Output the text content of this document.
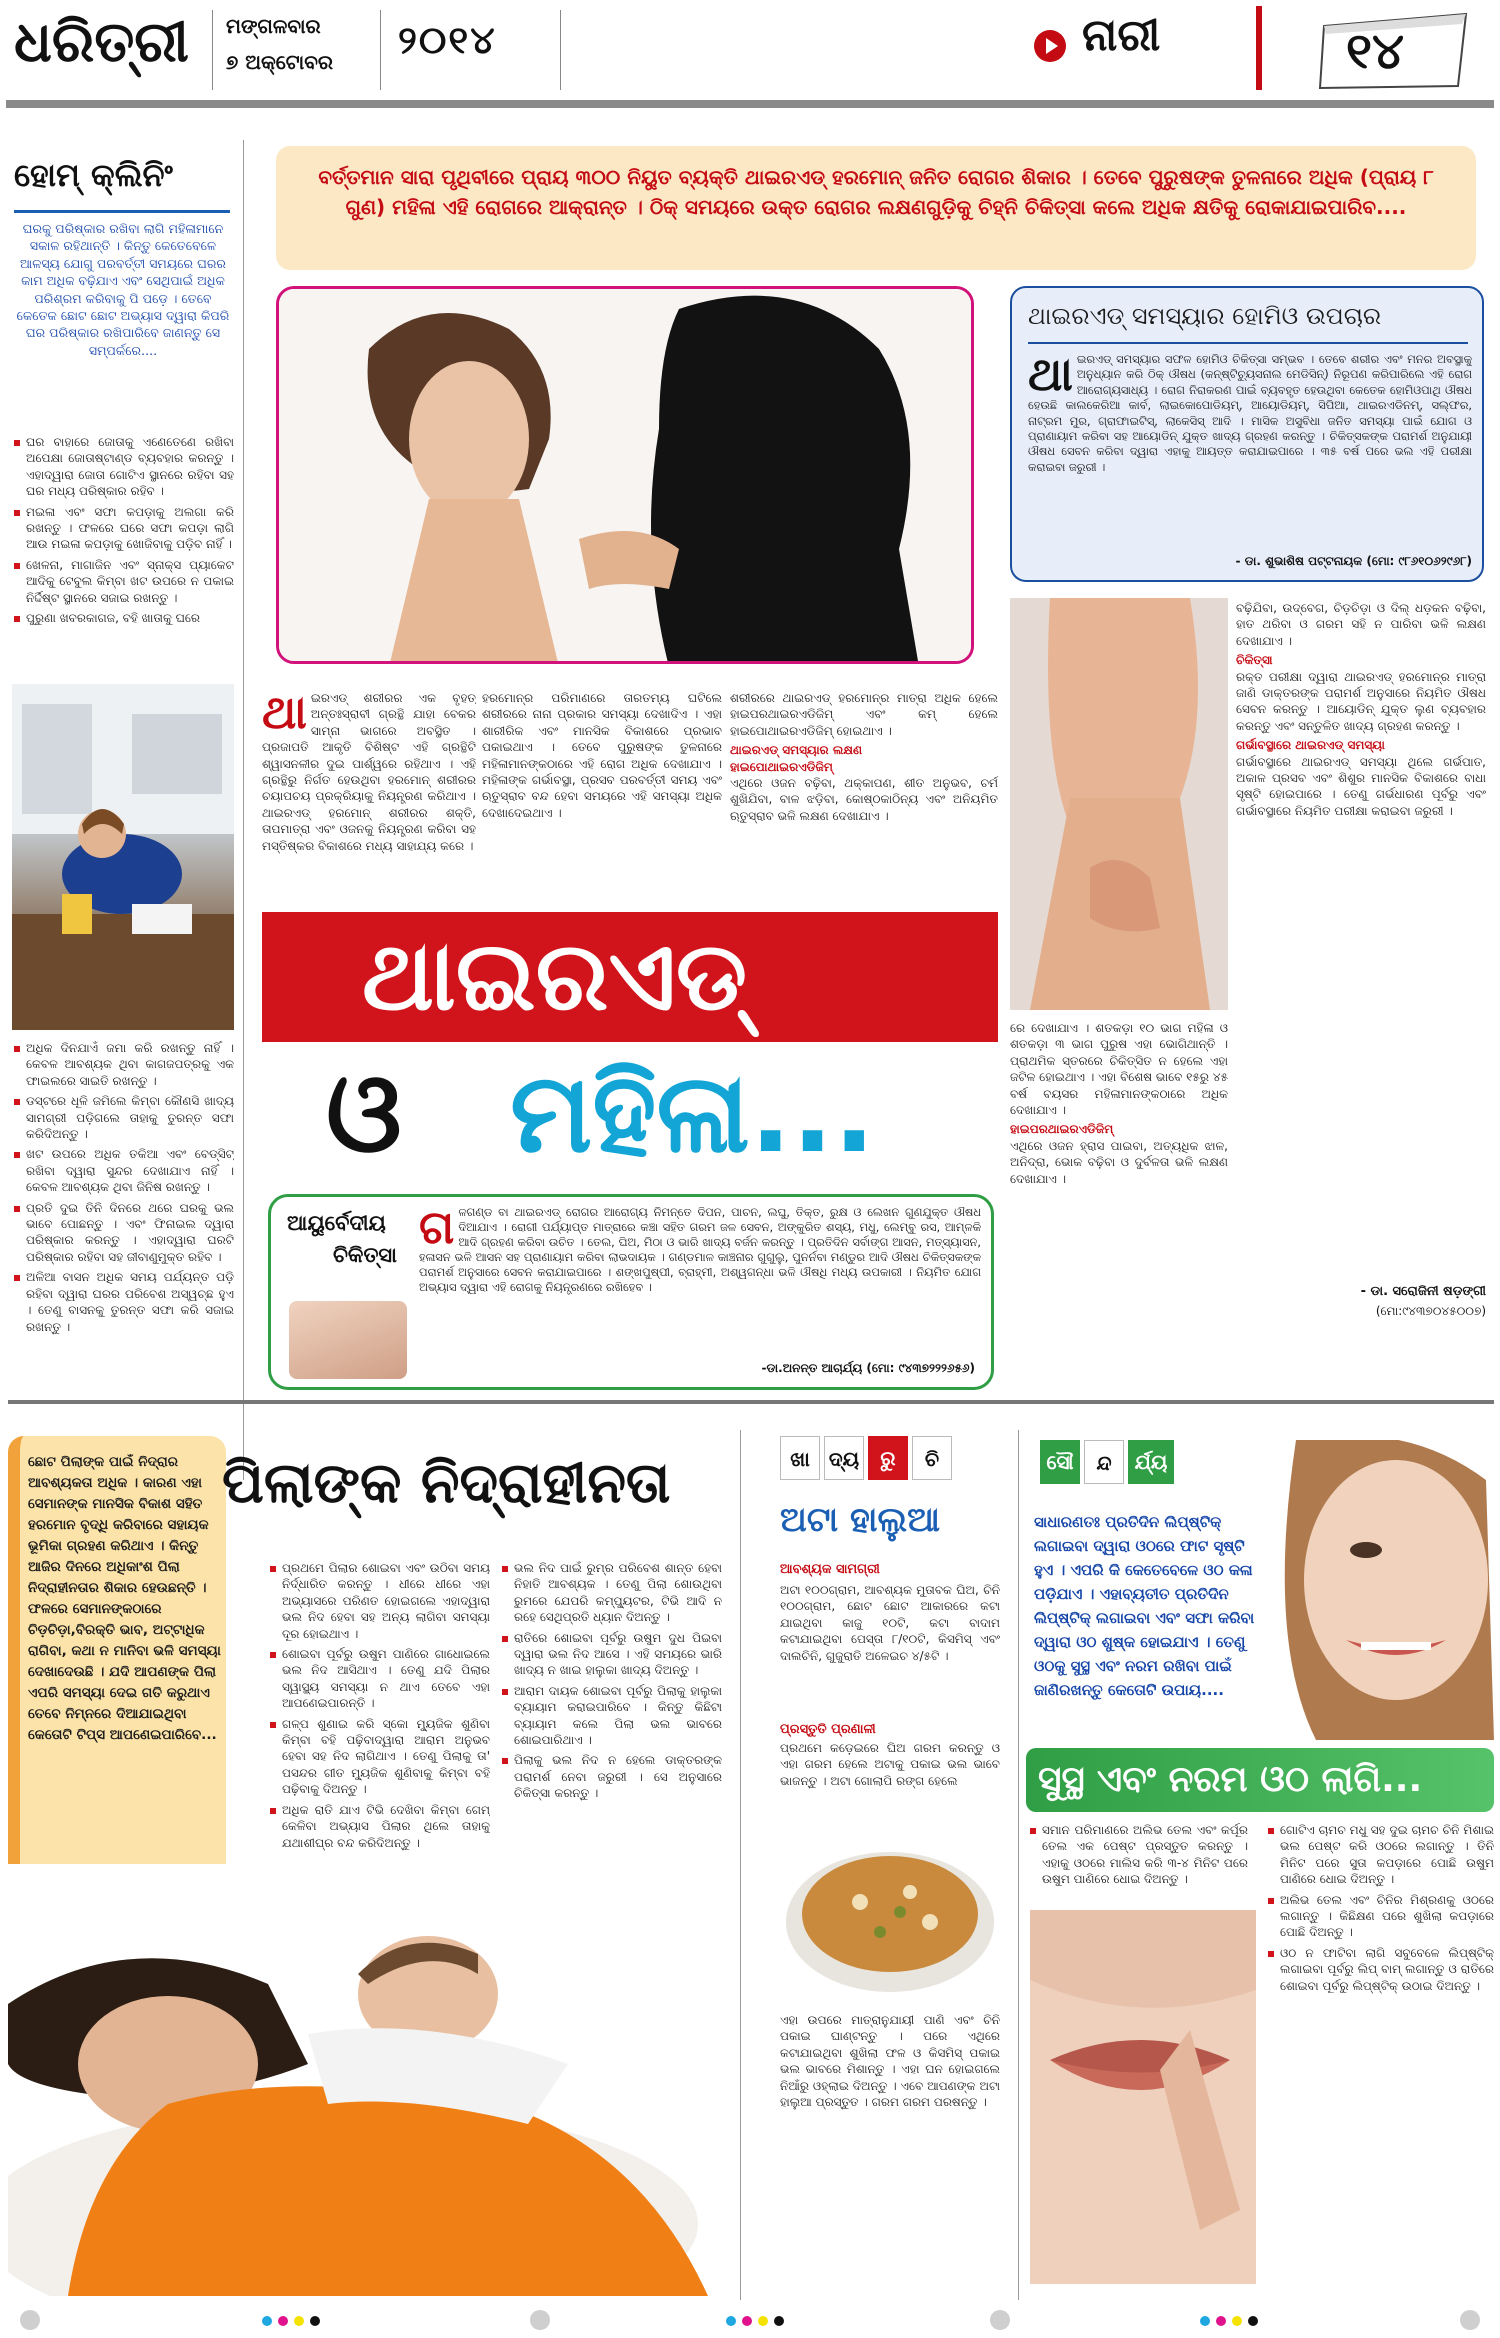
ଧରିତ୍ରୀ ମଙ୍ଗଳବାର
୭ ଅକ୍ଟୋବର ୨୦୧୪	ନାରୀ	୧୪
ହୋମ୍ କ୍ଲିନିଂ
ଘରକୁ ପରିଷ୍କାର ରଖିବା ଲାଗି ମହିଳାମାନେ ସକାଳ ରହିଥାନ୍ତି । କିନ୍ତୁ କେତେବେଳେ ଆଳସ୍ୟ ଯୋଗୁ ପରବର୍ତ୍ତୀ ସମୟରେ ଘରର କାମ ଅଧିକ ବଢ଼ିଯାଏ ଏବଂ ସେଥିପାଇଁ ଅଧିକ ପରିଶ୍ରମ କରିବାକୁ ପି ପଡ଼େ । ତେବେ କେତେକ ଛୋଟ ଛୋଟ ଅଭ୍ୟାସ ଦ୍ୱାରା କିପରି ଘର ପରିଷ୍କାର ରଖିପାରିବେ ଜାଣନ୍ତୁ ସେ ସମ୍ପର୍କରେ....
ଘର ବାହାରେ ଜୋତାକୁ ଏଣେତେଣେ ରଖିବା ଅପେକ୍ଷା ଜୋତାଷ୍ଟାଣ୍ଡ ବ୍ୟବହାର କରନ୍ତୁ । ଏହାଦ୍ୱାରା ଜୋତା ଗୋଟିଏ ସ୍ଥାନରେ ରହିବା ସହ ଘର ମଧ୍ୟ ପରିଷ୍କାର ରହିବ ।
ମଇଳା ଏବଂ ସଫା କପଡ଼ାକୁ ଅଲଗା କରି ରଖନ୍ତୁ । ଫଳରେ ଘରେ ସଫା କପଡ଼ା ଲାଗି ଆଉ ମଇଳା କପଡ଼ାକୁ ଖୋଜିବାକୁ ପଡ଼ିବ ନାହିଁ ।
ଖେଳନା, ମାଗାଜିନ ଏବଂ ସ୍ନାକ୍ସ ପ୍ୟାକେଟ ଆଦିକୁ ଟେବୁଲ କିମ୍ବା ଖଟ ଉପରେ ନ ପକାଇ ନିର୍ଦ୍ଦିଷ୍ଟ ସ୍ଥାନରେ ସଜାଇ ରଖନ୍ତୁ ।
ପୁରୁଣା ଖବରକାଗଜ, ବହି ଖାତାକୁ ଘରେ
ଅଧିକ ଦିନଯାଏଁ ଜମା କରି ରଖନ୍ତୁ ନାହିଁ । କେବଳ ଆବଶ୍ୟକ ଥିବା କାଗଜପତ୍ରକୁ ଏକ ଫାଇଲରେ ସାଇତି ରଖନ୍ତୁ ।
ଡସ୍‌ଟରେ ଧୂଳି ଜମିଲେ କିମ୍ବା କୌଣସି ଖାଦ୍ୟ ସାମଗ୍ରୀ ପଡ଼ିଗଲେ ତାହାକୁ ତୁରନ୍ତ ସଫା କରିଦିଅନ୍ତୁ ।
ଖଟ ଉପରେ ଅଧିକ ତକିଆ ଏବଂ ବେଡ୍‌ସିଟ୍ ରଖିବା ଦ୍ୱାରା ସୁନ୍ଦର ଦେଖାଯାଏ ନାହିଁ । କେବଳ ଆବଶ୍ୟକ ଥିବା ଜିନିଷ ରଖନ୍ତୁ ।
ପ୍ରତି ଦୁଇ ତିନି ଦିନରେ ଥରେ ଘରକୁ ଭଲ ଭାବେ ପୋଛନ୍ତୁ । ଏବଂ ଫିନାଇଲ ଦ୍ୱାରା ପରିଷ୍କାର କରନ୍ତୁ । ଏହାଦ୍ୱାରା ଘରଟି ପରିଷ୍କାର ରହିବା ସହ ଜୀବାଣୁମୁକ୍ତ ରହିବ ।
ଅଳିଆ ବାସନ ଅଧିକ ସମୟ ପର୍ଯ୍ୟନ୍ତ ପଡ଼ି ରହିବା ଦ୍ୱାରା ଘରର ପରିବେଶ ଅସ୍ୱଚ୍ଛ ହୁଏ । ତେଣୁ ବାସନକୁ ତୁରନ୍ତ ସଫା କରି ସଜାଇ ରଖନ୍ତୁ ।
ବର୍ତ୍ତମାନ ସାରା ପୃଥିବୀରେ ପ୍ରାୟ ୩୦୦ ନିୟୁତ ବ୍ୟକ୍ତି ଥାଇରଏଡ୍ ହରମୋନ୍ ଜନିତ ରୋଗର ଶିକାର । ତେବେ ପୁରୁଷଙ୍କ ତୁଳନାରେ ଅଧିକ (ପ୍ରାୟ ୮ ଗୁଣ) ମହିଳା ଏହି ରୋଗରେ ଆକ୍ରାନ୍ତ । ଠିକ୍ ସମୟରେ ଉକ୍ତ ରୋଗର ଲକ୍ଷଣଗୁଡ଼ିକୁ ଚିହ୍ନି ଚିକିତ୍ସା କଲେ ଅଧିକ କ୍ଷତିକୁ ରୋକାଯାଇପାରିବ....
ଥାଇରଏଡ୍ ସମସ୍ୟାର ହୋମିଓ ଉପଚାର
ଥା ଇରଏଡ୍ ସମସ୍ୟାର ସଫଳ ହୋମିଓ ଚିକିତ୍ସା ସମ୍ଭବ । ତେବେ ଶରୀର ଏବଂ ମନର ଅବସ୍ଥାକୁ ଅନୁଧ୍ୟାନ କରି ଠିକ୍ ଔଷଧ (କନ୍‌ଷ୍ଟିଚ୍ୟୁସନାଲ ମେଡିସିନ୍) ନିରୂପଣ କରିପାରିଲେ ଏହି ରୋଗ ଆରୋଗ୍ୟସାଧ୍ୟ । ରୋଗ ନିରାକରଣ ପାଇଁ ବ୍ୟବହୃତ ହେଉଥିବା କେତେକ ହୋମିଓପାଥି ଔଷଧ ହେଉଛି କାଲକେରିଆ କାର୍ବ, ଲାଇକୋପୋଡିୟମ୍, ଆୟୋଡିୟମ୍, ସିପିଆ, ଥାଇରଏଡିନମ୍, ସଲ୍‌ଫର, ନାଟ୍ରମ ମୁର, ଗ୍ରାଫାଇଟିସ୍, ଲାକେସିସ୍ ଆଦି । ମାସିକ ଅସୁବିଧା ଜନିତ ସମସ୍ୟା ପାଇଁ ଯୋଗ ଓ ପ୍ରାଣାୟାମ କରିବା ସହ ଆୟୋଡିନ୍ ଯୁକ୍ତ ଖାଦ୍ୟ ଗ୍ରହଣ କରନ୍ତୁ । ଚିକିତ୍ସକଙ୍କ ପରାମର୍ଶ ଅନୁଯାୟୀ ଔଷଧ ସେବନ କରିବା ଦ୍ୱାରା ଏହାକୁ ଆୟତ୍ତ କରାଯାଇପାରେ । ୩୫ ବର୍ଷ ପରେ ଭଲ ଏହି ପରୀକ୍ଷା କରାଇବା ଜରୁରୀ ।
- ଡା. ଶୁଭାଶିଷ ପଟ୍ଟନାୟକ (ମୋ: ୯୮୬୧୦୬୨୯୬୮)
ଥା ଇରଏଡ୍ ଶରୀରର ଏକ ବୃହତ୍ ଅନ୍ତଃସ୍ରାବୀ ଗ୍ରନ୍ଥି ଯାହା ବେକର ସାମ୍ନା ଭାଗରେ ଅବସ୍ଥିତ । ପ୍ରଜାପତି ଆକୃତି ବିଶିଷ୍ଟ ଏହି ଗ୍ରନ୍ଥିଟି ଶ୍ୱାସନଳୀର ଦୁଇ ପାର୍ଶ୍ୱରେ ରହିଥାଏ । ଏହି ଗ୍ରନ୍ଥିରୁ ନିର୍ଗତ ହେଉଥିବା ହରମୋନ୍ ଶରୀରର ଚୟାପଚୟ ପ୍ରକ୍ରିୟାକୁ ନିୟନ୍ତ୍ରଣ କରିଥାଏ । ଥାଇରଏଡ୍ ହରମୋନ୍ ଶରୀରର ଶକ୍ତି, ତାପମାତ୍ରା ଏବଂ ଓଜନକୁ ନିୟନ୍ତ୍ରଣ କରିବା ସହ ମସ୍ତିଷ୍କର ବିକାଶରେ ମଧ୍ୟ ସାହାଯ୍ୟ କରେ ।
ହରମୋନ୍‌ର ପରିମାଣରେ ତାରତମ୍ୟ ଘଟିଲେ ଶରୀରରେ ନାନା ପ୍ରକାର ସମସ୍ୟା ଦେଖାଦିଏ । ଏହା ଶାରୀରିକ ଏବଂ ମାନସିକ ବିକାଶରେ ପ୍ରଭାବ ପକାଇଥାଏ । ତେବେ ପୁରୁଷଙ୍କ ତୁଳନାରେ ମହିଳାମାନଙ୍କଠାରେ ଏହି ରୋଗ ଅଧିକ ଦେଖାଯାଏ । ମହିଳାଙ୍କ ଗର୍ଭାବସ୍ଥା, ପ୍ରସବ ପରବର୍ତ୍ତୀ ସମୟ ଏବଂ ଋତୁସ୍ରାବ ବନ୍ଦ ହେବା ସମୟରେ ଏହି ସମସ୍ୟା ଅଧିକ ଦେଖାଦେଇଥାଏ ।
ଶରୀରରେ ଥାଇରଏଡ୍ ହରମୋନ୍‌ର ମାତ୍ରା ଅଧିକ ହେଲେ ହାଇପରଥାଇରଏଡିଜିମ୍ ଏବଂ କମ୍ ହେଲେ ହାଇପୋଥାଇରଏଡିଜିମ୍ ହୋଇଥାଏ ।
ଥାଇରଏଡ୍ ସମସ୍ୟାର ଲକ୍ଷଣ
ହାଇପୋଥାଇରଏଡିଜିମ୍
ଏଥିରେ ଓଜନ ବଢ଼ିବା, ଥକ୍କାପଣ, ଶୀତ ଅନୁଭବ, ଚର୍ମ ଶୁଖିଯିବା, ବାଳ ଝଡ଼ିବା, କୋଷ୍ଠକାଠିନ୍ୟ ଏବଂ ଅନିୟମିତ ଋତୁସ୍ରାବ ଭଳି ଲକ୍ଷଣ ଦେଖାଯାଏ ।
ଥାଇରଏଡ୍
ଓ ମହିଳା...
ବଢ଼ିଯିବା, ଉଦ୍‌ବେଗ, ଚିଡ଼ଚିଡ଼ା ଓ ଦିଲ୍ ଧଡ଼କନ ବଢ଼ିବା, ହାତ ଥରିବା ଓ ଗରମ ସହି ନ ପାରିବା ଭଳି ଲକ୍ଷଣ ଦେଖାଯାଏ ।
ଚିକିତ୍ସା
ରକ୍ତ ପରୀକ୍ଷା ଦ୍ୱାରା ଥାଇରଏଡ୍ ହରମୋନ୍‌ର ମାତ୍ରା ଜାଣି ଡାକ୍ତରଙ୍କ ପରାମର୍ଶ ଅନୁସାରେ ନିୟମିତ ଔଷଧ ସେବନ କରନ୍ତୁ । ଆୟୋଡିନ୍ ଯୁକ୍ତ ଲୁଣ ବ୍ୟବହାର କରନ୍ତୁ ଏବଂ ସନ୍ତୁଳିତ ଖାଦ୍ୟ ଗ୍ରହଣ କରନ୍ତୁ ।
ଗର୍ଭାବସ୍ଥାରେ ଥାଇରଏଡ୍ ସମସ୍ୟା
ଗର୍ଭାବସ୍ଥାରେ ଥାଇରଏଡ୍ ସମସ୍ୟା ଥିଲେ ଗର୍ଭପାତ, ଅକାଳ ପ୍ରସବ ଏବଂ ଶିଶୁର ମାନସିକ ବିକାଶରେ ବାଧା ସୃଷ୍ଟି ହୋଇପାରେ । ତେଣୁ ଗର୍ଭଧାରଣ ପୂର୍ବରୁ ଏବଂ ଗର୍ଭାବସ୍ଥାରେ ନିୟମିତ ପରୀକ୍ଷା କରାଇବା ଜରୁରୀ ।
ରେ ଦେଖାଯାଏ । ଶତକଡ଼ା ୧୦ ଭାଗ ମହିଳା ଓ ଶତକଡ଼ା ୩ ଭାଗ ପୁରୁଷ ଏହା ଭୋଗିଥାନ୍ତି । ପ୍ରାଥମିକ ସ୍ତରରେ ଚିକିତ୍ସିତ ନ ହେଲେ ଏହା ଜଟିଳ ହୋଇଥାଏ । ଏହା ବିଶେଷ ଭାବେ ୧୫ରୁ ୪୫ ବର୍ଷ ବୟସର ମହିଳାମାନଙ୍କଠାରେ ଅଧିକ ଦେଖାଯାଏ ।
ହାଇପରଥାଇରଏଡିଜିମ୍
ଏଥିରେ ଓଜନ ହ୍ରାସ ପାଇବା, ଅତ୍ୟଧିକ ଝାଳ, ଅନିଦ୍ରା, ଭୋକ ବଢ଼ିବା ଓ ଦୁର୍ବଳତା ଭଳି ଲକ୍ଷଣ ଦେଖାଯାଏ ।
- ଡା. ସରୋଜିନୀ ଷଡ଼ଙ୍ଗୀ
(ମୋ:୯୪୩୭୦୪୫୦୦୭)
ଆୟୁର୍ବେଦୀୟ
ଚିକିତ୍ସା
ଗ ଳଗଣ୍ଡ ବା ଥାଇରଏଡ୍ ରୋଗର ଆରୋଗ୍ୟ ନିମନ୍ତେ ଦିପନ, ପାଚନ, ଲଘୁ, ତିକ୍ତ, ରୁକ୍ଷ ଓ ଲେଖନ ଗୁଣଯୁକ୍ତ ଔଷଧ ଦିଆଯାଏ । ରୋଗୀ ପର୍ଯ୍ୟାପ୍ତ ମାତ୍ରାରେ କଞ୍ଚା ସହିତ ଗରମ ଜଳ ସେବନ, ଅଙ୍କୁରିତ ଶସ୍ୟ, ମଧୁ, ଲେମ୍ବୁ ରସ, ଆମ୍ଳକି ଆଦି ଗ୍ରହଣ କରିବା ଉଚିତ । ତେଲ, ଘିଅ, ମିଠା ଓ ଭାରି ଖାଦ୍ୟ ବର୍ଜନ କରନ୍ତୁ । ପ୍ରତିଦିନ ସର୍ବାଙ୍ଗ ଆସନ, ମତ୍ସ୍ୟାସନ, ହଳାସନ ଭଳି ଆସନ ସହ ପ୍ରାଣାୟାମ କରିବା ଲାଭଦାୟକ । ଗଣ୍ଡମାଳ କାଞ୍ଚନାର ଗୁଗୁଲୁ, ପୁନର୍ନବା ମଣ୍ଡୁର ଆଦି ଔଷଧ ଚିକିତ୍ସକଙ୍କ ପରାମର୍ଶ ଅନୁସାରେ ସେବନ କରାଯାଇପାରେ । ଶଙ୍ଖପୁଷ୍ପୀ, ବ୍ରାହ୍ମୀ, ଅଶ୍ୱଗନ୍ଧା ଭଳି ଔଷଧି ମଧ୍ୟ ଉପକାରୀ । ନିୟମିତ ଯୋଗ ଅଭ୍ୟାସ ଦ୍ୱାରା ଏହି ରୋଗକୁ ନିୟନ୍ତ୍ରଣରେ ରଖିହେବ ।
-ଡା.ଅନନ୍ତ ଆଚାର୍ଯ୍ୟ (ମୋ: ୯୪୩୭୨୨୨୬୫୬)
ଛୋଟ ପିଲାଙ୍କ ପାଇଁ ନିଦ୍ରାର ଆବଶ୍ୟକତା ଅଧିକ । କାରଣ ଏହା ସେମାନଙ୍କ ମାନସିକ ବିକାଶ ସହିତ ହରମୋନ ବୃଦ୍ଧି କରିବାରେ ସହାୟକ ଭୂମିକା ଗ୍ରହଣ କରିଥାଏ । କିନ୍ତୁ ଆଜିର ଦିନରେ ଅଧିକାଂଶ ପିଲା ନିଦ୍ରାହୀନତାର ଶିକାର ହେଉଛନ୍ତି । ଫଳରେ ସେମାନଙ୍କଠାରେ ଚିଡ଼ଚିଡ଼ା,ବିରକ୍ତି ଭାବ, ଅଟ୍ଟାଧିକ ରାଗିବା, କଥା ନ ମାନିବା ଭଳି ସମସ୍ୟା ଦେଖାଦେଉଛି । ଯଦି ଆପଣଙ୍କ ପିଲା ଏପରି ସମସ୍ୟା ଦେଇ ଗତି କରୁଥାଏ ତେବେ ନିମ୍ନରେ ଦିଆଯାଇଥିବା କେତୋଟି ଟିପ୍ସ ଆପଣେଇପାରିବେ...
ପିଲାଙ୍କ ନିଦ୍ରାହୀନତା
ପ୍ରଥମେ ପିଲାର ଶୋଇବା ଏବଂ ଉଠିବା ସମୟ ନିର୍ଦ୍ଧାରିତ କରନ୍ତୁ । ଧୀରେ ଧୀରେ ଏହା ଅଭ୍ୟାସରେ ପରିଣତ ହୋଇଗଲେ ଏହାଦ୍ୱାରା ଭଲ ନିଦ ହେବା ସହ ଅନ୍ୟ ଲାଗିବା ସମସ୍ୟା ଦୂର ହୋଇଥାଏ ।
ଶୋଇବା ପୂର୍ବରୁ ଉଷୁମ ପାଣିରେ ଗାଧୋଇଲେ ଭଲ ନିଦ ଆସିଥାଏ । ତେଣୁ ଯଦି ପିଲାର ସ୍ୱାସ୍ଥ୍ୟ ସମସ୍ୟା ନ ଥାଏ ତେବେ ଏହା ଆପଣେଇପାରନ୍ତି ।
ଗଳ୍ପ ଶୁଣାଇ କରି ସ୍କୋ ମ୍ୟୁଜିକ ଶୁଣିବା କିମ୍ବା ବହି ପଢ଼ିବାଦ୍ୱାରା ଆରାମ ଅନୁଭବ ହେବା ସହ ନିଦ ଲାଗିଥାଏ । ତେଣୁ ପିଲାକୁ ତା' ପସନ୍ଦର ଗୀତ ମ୍ୟୁଜିକ ଶୁଣିବାକୁ କିମ୍ବା ବହି ପଢ଼ିବାକୁ ଦିଅନ୍ତୁ ।
ଅଧିକ ରାତି ଯାଏ ଟିଭି ଦେଖିବା କିମ୍ବା ଗେମ୍ କେଳିବା ଅଭ୍ୟାସ ପିଲାର ଥିଲେ ତାହାକୁ ଯଥାଶୀଘ୍ର ବନ୍ଦ କରିଦିଅନ୍ତୁ ।
ଭଲ ନିଦ ପାଇଁ ରୁମ୍‌ର ପରିବେଶ ଶାନ୍ତ ହେବା ନିହାତି ଆବଶ୍ୟକ । ତେଣୁ ପିଲା ଶୋଉଥିବା ରୁମରେ ଯେପରି କମ୍ପ୍ୟୁଟର, ଟିଭି ଆଦି ନ ରହେ ସେଥିପ୍ରତି ଧ୍ୟାନ ଦିଅନ୍ତୁ ।
ରାତିରେ ଶୋଇବା ପୂର୍ବରୁ ଉଷୁମ ଦୁଧ ପିଇବା ଦ୍ୱାରା ଭଲ ନିଦ ଆସେ । ଏହି ସମୟରେ ଭାରି ଖାଦ୍ୟ ନ ଖାଇ ହାଲୁକା ଖାଦ୍ୟ ଦିଅନ୍ତୁ ।
ଆରାମ ଦାୟକ ଶୋଇବା ପୂର୍ବରୁ ପିଲାକୁ ହାଲୁକା ବ୍ୟାୟାମ କରାଇପାରିବେ । କିନ୍ତୁ କିଛିଟା ବ୍ୟାୟାମ କଲେ ପିଲା ଭଲ ଭାବରେ ଶୋଇପାରିଥାଏ ।
ପିଲାକୁ ଭଲ ନିଦ ନ ହେଲେ ଡାକ୍ତରଙ୍କ ପରାମର୍ଶ ନେବା ଜରୁରୀ । ସେ ଅନୁସାରେ ଚିକିତ୍ସା କରନ୍ତୁ ।
ଖା ଦ୍ୟ	ରୁ	ଚି
ଅଟା ହାଲୁଆ
ଆବଶ୍ୟକ ସାମଗ୍ରୀ
ଅଟା ୧୦୦ଗ୍ରାମ, ଆବଶ୍ୟକ ମୁତାବକ ଘିଅ, ଚିନି ୧୦୦ଗ୍ରାମ, ଛୋଟ ଛୋଟ ଆକାରରେ କଟା ଯାଇଥିବା କାଜୁ ୧୦ଟି, କଟା ବାଦାମ କଟାଯାଇଥିବା ପେସ୍ତା ୮/୧୦ଟି, କିସମିସ୍ ଏବଂ ଦାଲଚିନି, ଗୁଜୁରାତି ଅଳେଇଚ ୪/୫ଟି ।
ପ୍ରସ୍ତୁତି ପ୍ରଣାଳୀ
ପ୍ରଥମେ କଡ଼େଇରେ ଘିଅ ଗରମ କରନ୍ତୁ ଓ ଏହା ଗରମ ହେଲେ ଅଟାକୁ ପକାଇ ଭଲ ଭାବେ ଭାଜନ୍ତୁ । ଅଟା ଗୋଲାପି ରଙ୍ଗ ହେଲେ
ଏହା ଉପରେ ମାତ୍ରାନୁଯାୟୀ ପାଣି ଏବଂ ଚିନି ପକାଇ ଘାଣ୍ଟନ୍ତୁ । ପରେ ଏଥିରେ କଟାଯାଇଥିବା ଶୁଖିଲା ଫଳ ଓ କିସମିସ୍ ପକାଇ ଭଲ ଭାବରେ ମିଶାନ୍ତୁ । ଏହା ଘନ ହୋଇଗଲେ ନିଆଁରୁ ଓହ୍ଲାଇ ଦିଅନ୍ତୁ । ଏବେ ଆପଣଙ୍କ ଅଟା ହାଲୁଆ ପ୍ରସ୍ତୁତ । ଗରମ ଗରମ ପରଷନ୍ତୁ ।
ସୌ	ନ୍ଦ	ର୍ଯ୍ୟ
ସାଧାରଣତଃ ପ୍ରତିଦିନ ଲିପ୍‌ଷ୍ଟିକ୍ ଲଗାଇବା ଦ୍ୱାରା ଓଠରେ ଫାଟ ସୃଷ୍ଟି ହୁଏ । ଏପରି କି କେତେବେଳେ ଓଠ କଳା ପଡ଼ିଯାଏ । ଏହାବ୍ୟତୀତ ପ୍ରତିଦିନ ଲିପ୍‌ଷ୍ଟିକ୍ ଲଗାଇବା ଏବଂ ସଫା କରିବା ଦ୍ୱାରା ଓଠ ଶୁଷ୍କ ହୋଇଯାଏ । ତେଣୁ ଓଠକୁ ସୁସ୍ଥ ଏବଂ ନରମ ରଖିବା ପାଇଁ ଜାଣିରଖନ୍ତୁ କେତୋଟି ଉପାୟ....
ସୁସ୍ଥ ଏବଂ ନରମ ଓଠ ଲାଗି...
ସମାନ ପରିମାଣରେ ଅଲିଭ ତେଲ ଏବଂ କର୍ପୂର ତେଲ ଏକ ପେଷ୍ଟ ପ୍ରସ୍ତୁତ କରନ୍ତୁ । ଏହାକୁ ଓଠରେ ମାଲିସ କରି ୩-୪ ମିନିଟ ପରେ ଉଷୁମ ପାଣିରେ ଧୋଇ ଦିଅନ୍ତୁ ।
ଗୋଟିଏ ଚାମଚ ମଧୁ ସହ ଦୁଇ ଚାମଚ ଚିନି ମିଶାଇ ଭଲ ପେଷ୍ଟ କରି ଓଠରେ ଲଗାନ୍ତୁ । ତିନି ମିନିଟ ପରେ ସୁତା କପଡ଼ାରେ ପୋଛି ଉଷୁମ ପାଣିରେ ଧୋଇ ଦିଅନ୍ତୁ ।
ଅଲିଭ ତେଲ ଏବଂ ଚିନିର ମିଶ୍ରଣକୁ ଓଠରେ ଲଗାନ୍ତୁ । କିଛିକ୍ଷଣ ପରେ ଶୁଖିଲା କପଡ଼ାରେ ପୋଛି ଦିଅନ୍ତୁ ।
ଓଠ ନ ଫାଟିବା ଲାଗି ସବୁବେଳେ ଲିପ୍‌ଷ୍ଟିକ୍ ଲଗାଇବା ପୂର୍ବରୁ ଲିପ୍ ବାମ୍ ଲଗାନ୍ତୁ ଓ ରାତିରେ ଶୋଇବା ପୂର୍ବରୁ ଲିପ୍‌ଷ୍ଟିକ୍ ଉଠାଇ ଦିଅନ୍ତୁ ।
